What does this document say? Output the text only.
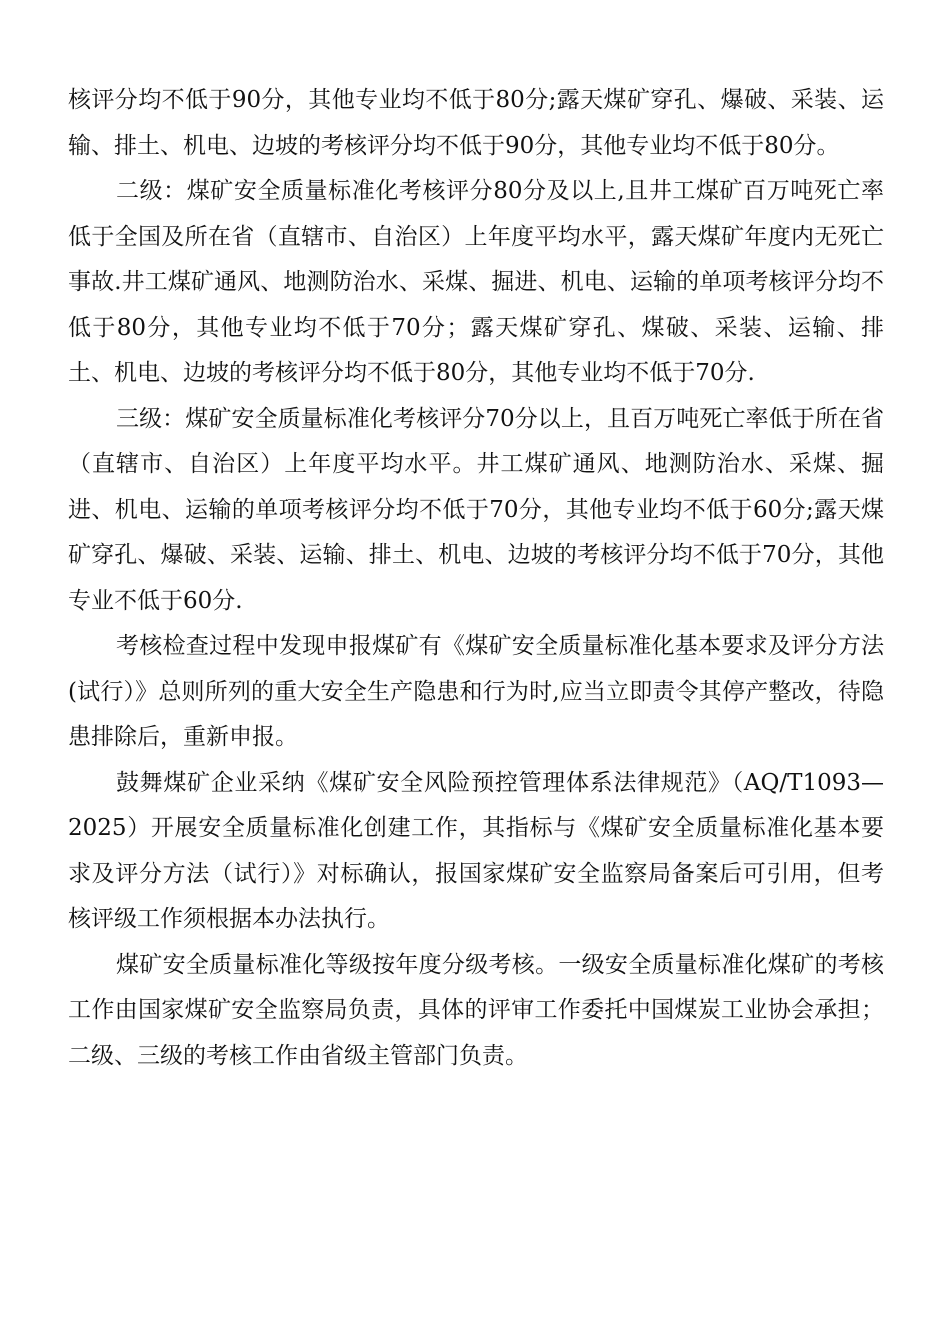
核评分均不低于90分，其他专业均不低于80分;露天煤矿穿孔、爆破、采装、运输、排土、机电、边坡的考核评分均不低于90分，其他专业均不低于80分。

二级：煤矿安全质量标准化考核评分80分及以上,且井工煤矿百万吨死亡率低于全国及所在省（直辖市、自治区）上年度平均水平，露天煤矿年度内无死亡事故.井工煤矿通风、地测防治水、采煤、掘进、机电、运输的单项考核评分均不低于80分，其他专业均不低于70分；露天煤矿穿孔、煤破、采装、运输、排土、机电、边坡的考核评分均不低于80分，其他专业均不低于70分.

三级：煤矿安全质量标准化考核评分70分以上，且百万吨死亡率低于所在省（直辖市、自治区）上年度平均水平。井工煤矿通风、地测防治水、采煤、掘进、机电、运输的单项考核评分均不低于70分，其他专业均不低于60分;露天煤矿穿孔、爆破、采装、运输、排土、机电、边坡的考核评分均不低于70分，其他专业不低于60分.

考核检查过程中发现申报煤矿有《煤矿安全质量标准化基本要求及评分方法(试行）》总则所列的重大安全生产隐患和行为时,应当立即责令其停产整改，待隐患排除后，重新申报。

鼓舞煤矿企业采纳《煤矿安全风险预控管理体系法律规范》（AQ/T1093—2025）开展安全质量标准化创建工作，其指标与《煤矿安全质量标准化基本要求及评分方法（试行）》对标确认，报国家煤矿安全监察局备案后可引用，但考核评级工作须根据本办法执行。

煤矿安全质量标准化等级按年度分级考核。一级安全质量标准化煤矿的考核工作由国家煤矿安全监察局负责，具体的评审工作委托中国煤炭工业协会承担；二级、三级的考核工作由省级主管部门负责。
